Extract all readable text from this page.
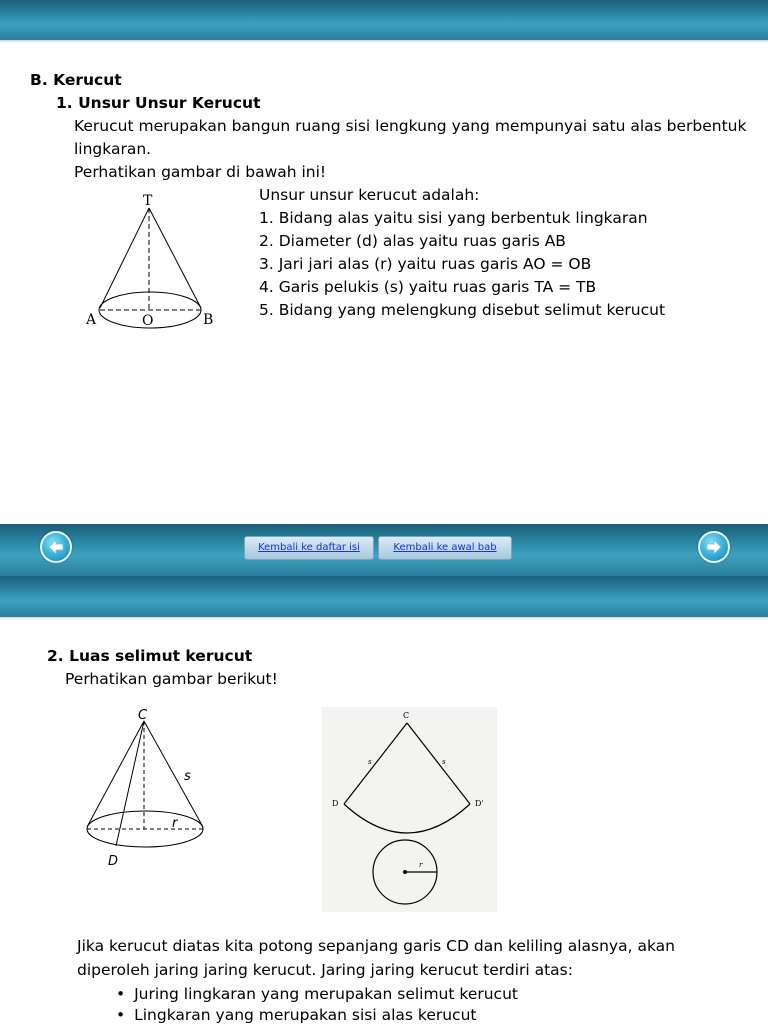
B. Kerucut
1. Unsur Unsur Kerucut
Kerucut merupakan bangun ruang sisi lengkung yang mempunyai satu alas berbentuk
lingkaran.
Perhatikan gambar di bawah ini!
Unsur unsur kerucut adalah:
1. Bidang alas yaitu sisi yang berbentuk lingkaran
2. Diameter (d) alas yaitu ruas garis AB
3. Jari jari alas (r) yaitu ruas garis AO = OB
4. Garis pelukis (s) yaitu ruas garis TA = TB
5. Bidang yang melengkung disebut selimut kerucut
T
A	O	B
Kembali ke daftar isi	Kembali ke awal bab
2. Luas selimut kerucut
Perhatikan gambar berikut!
C
s
r
D
C
s	s
D	D'
r
Jika kerucut diatas kita potong sepanjang garis CD dan keliling alasnya, akan
diperoleh jaring jaring kerucut. Jaring jaring kerucut terdiri atas:
• Juring lingkaran yang merupakan selimut kerucut
• Lingkaran yang merupakan sisi alas kerucut
